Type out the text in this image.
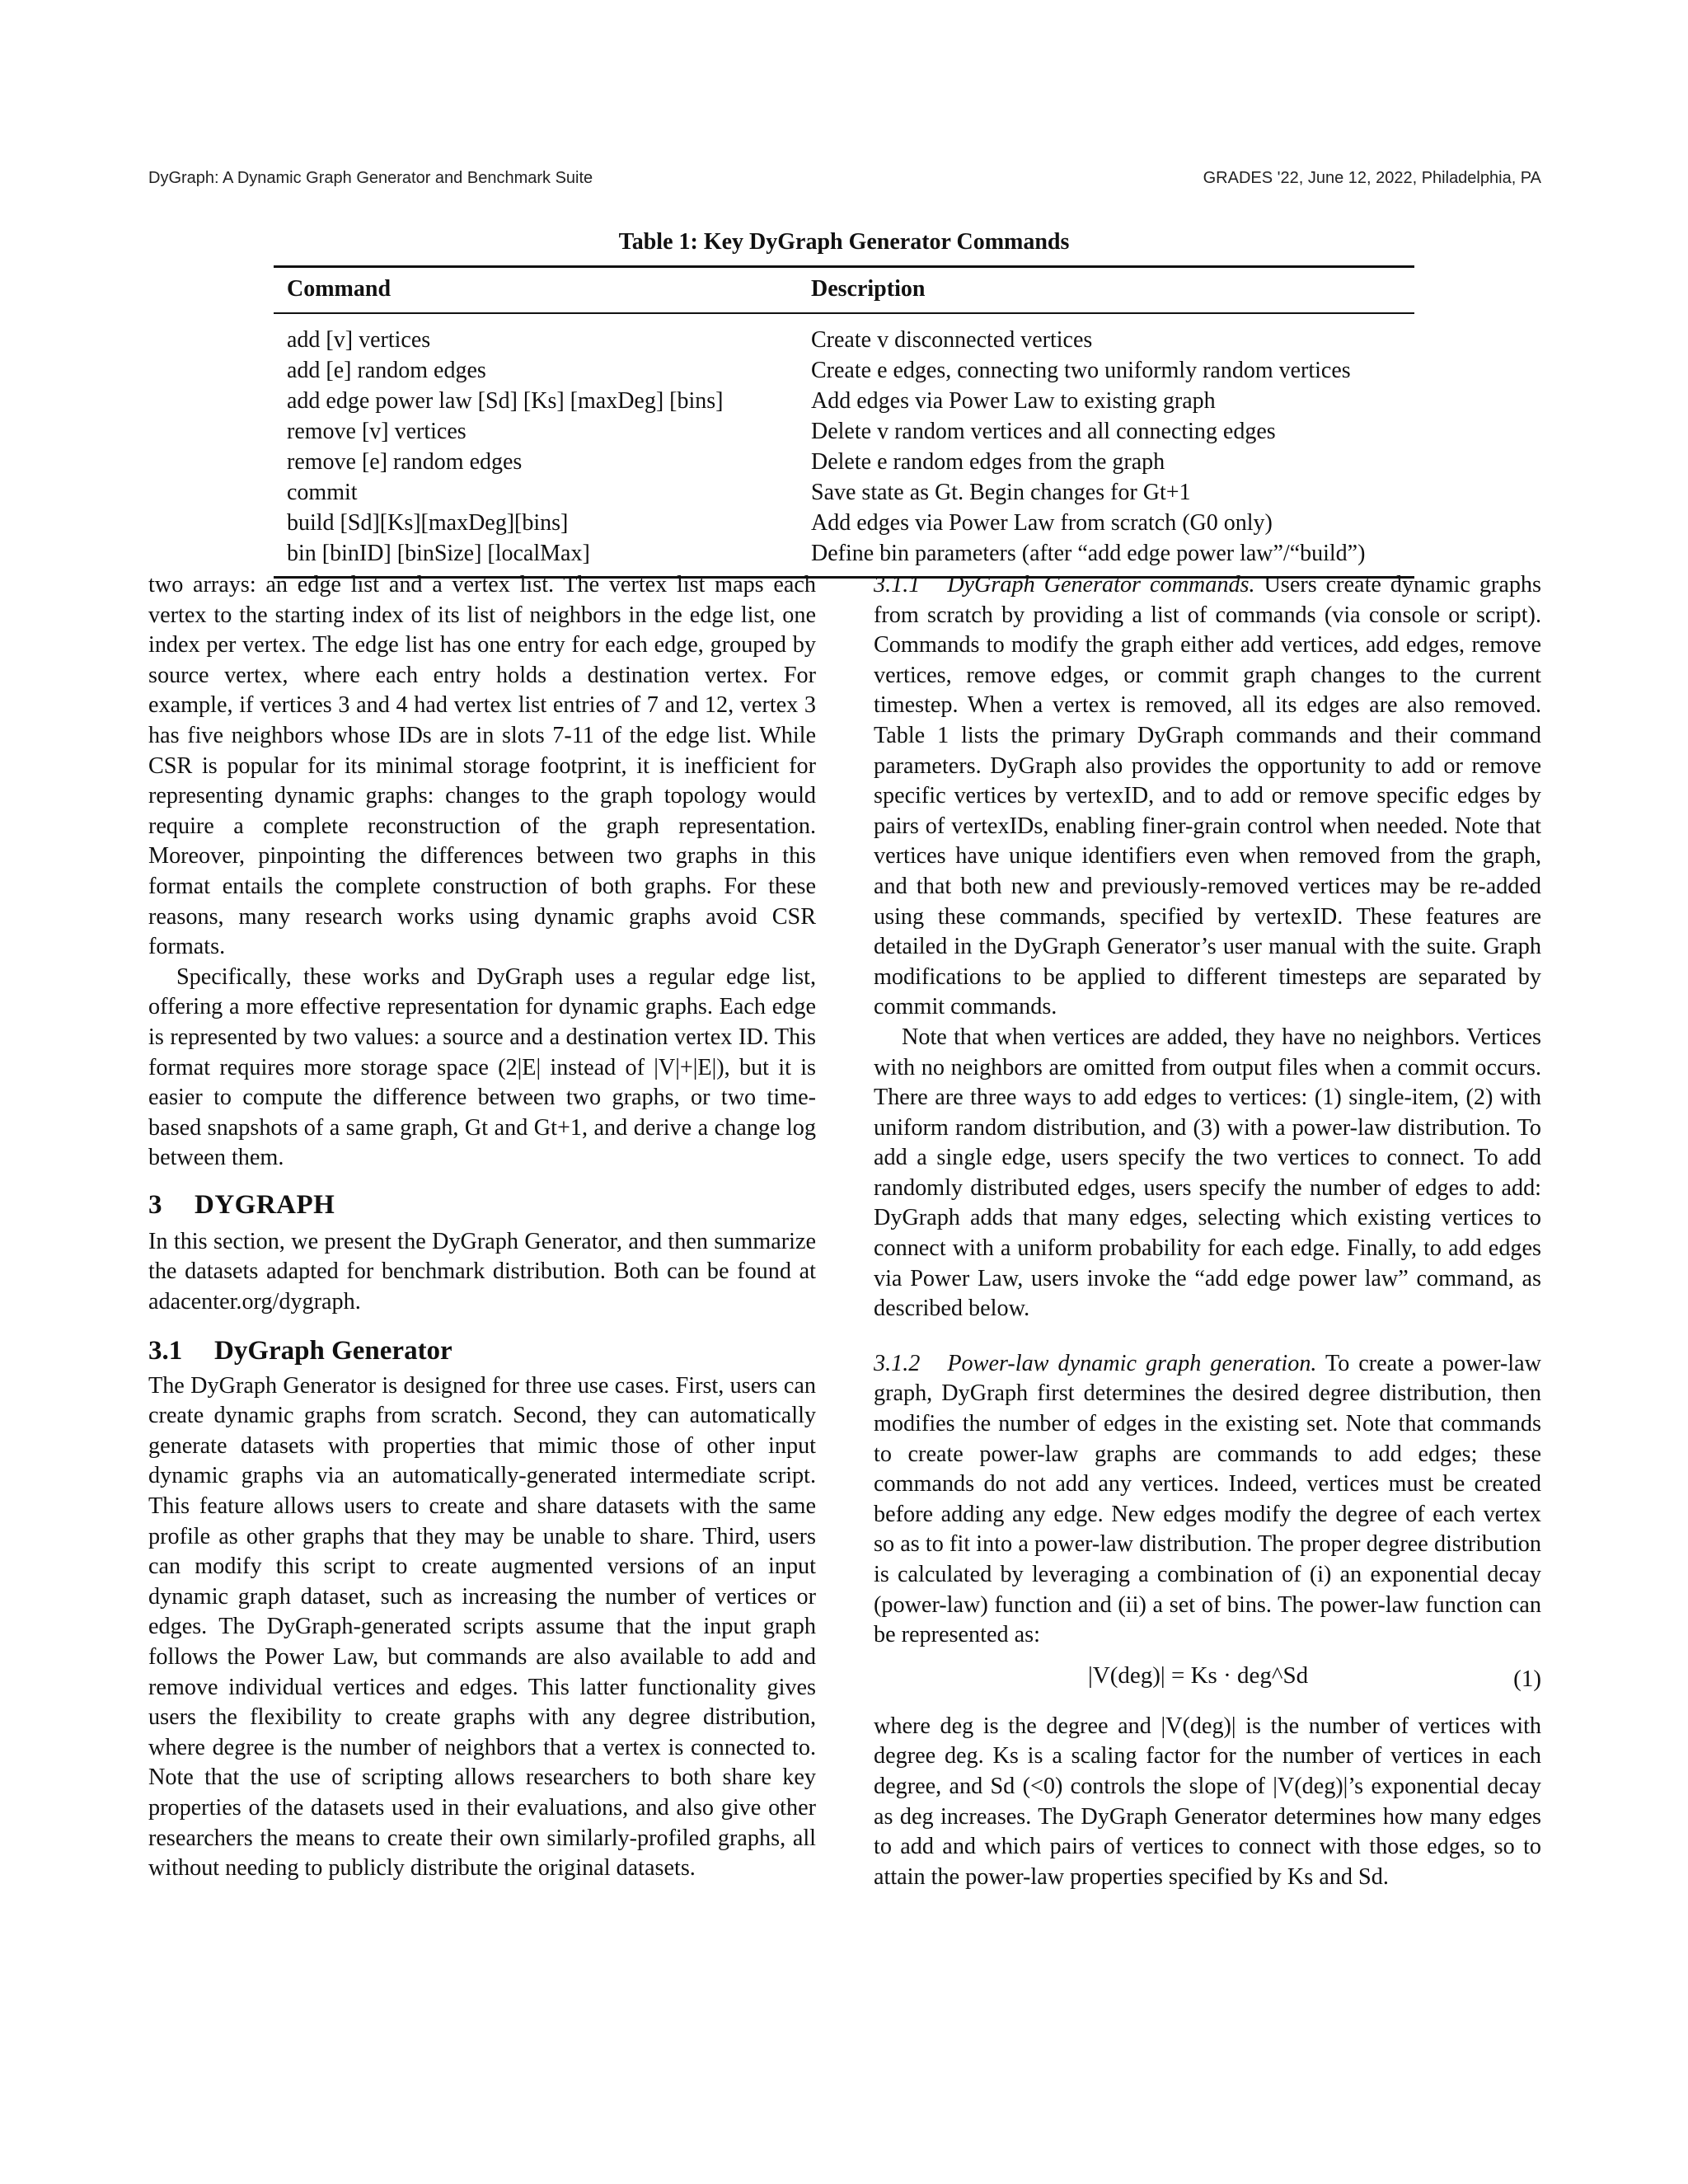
DyGraph: A Dynamic Graph Generator and Benchmark Suite	GRADES '22, June 12, 2022, Philadelphia, PA
Table 1: Key DyGraph Generator Commands
Command	Description
add [v] vertices	Create v disconnected vertices
add [e] random edges	Create e edges, connecting two uniformly random vertices
add edge power law [Sd] [Ks] [maxDeg] [bins]	Add edges via Power Law to existing graph
remove [v] vertices	Delete v random vertices and all connecting edges
remove [e] random edges	Delete e random edges from the graph
commit	Save state as Gt. Begin changes for Gt+1
build [Sd][Ks][maxDeg][bins]	Add edges via Power Law from scratch (G0 only)
bin [binID] [binSize] [localMax]	Define bin parameters (after “add edge power law”/“build”)

two arrays: an edge list and a vertex list. The vertex list maps each vertex to the starting index of its list of neighbors in the edge list, one index per vertex. The edge list has one entry for each edge, grouped by source vertex, where each entry holds a destination vertex. For example, if vertices 3 and 4 had vertex list entries of 7 and 12, vertex 3 has five neighbors whose IDs are in slots 7-11 of the edge list. While CSR is popular for its minimal storage footprint, it is inefficient for representing dynamic graphs: changes to the graph topology would require a complete reconstruction of the graph representation. Moreover, pinpointing the differences between two graphs in this format entails the complete construction of both graphs. For these reasons, many research works using dynamic graphs avoid CSR formats.

Specifically, these works and DyGraph uses a regular edge list, offering a more effective representation for dynamic graphs. Each edge is represented by two values: a source and a destination vertex ID. This format requires more storage space (2|E| instead of |V|+|E|), but it is easier to compute the difference between two graphs, or two time-based snapshots of a same graph, Gt and Gt+1, and derive a change log between them.

3 DYGRAPH

In this section, we present the DyGraph Generator, and then summarize the datasets adapted for benchmark distribution. Both can be found at adacenter.org/dygraph.

3.1 DyGraph Generator

The DyGraph Generator is designed for three use cases. First, users can create dynamic graphs from scratch. Second, they can automatically generate datasets with properties that mimic those of other input dynamic graphs via an automatically-generated intermediate script. This feature allows users to create and share datasets with the same profile as other graphs that they may be unable to share. Third, users can modify this script to create augmented versions of an input dynamic graph dataset, such as increasing the number of vertices or edges. The DyGraph-generated scripts assume that the input graph follows the Power Law, but commands are also available to add and remove individual vertices and edges. This latter functionality gives users the flexibility to create graphs with any degree distribution, where degree is the number of neighbors that a vertex is connected to. Note that the use of scripting allows researchers to both share key properties of the datasets used in their evaluations, and also give other researchers the means to create their own similarly-profiled graphs, all without needing to publicly distribute the original datasets.

3.1.1 DyGraph Generator commands. Users create dynamic graphs from scratch by providing a list of commands (via console or script). Commands to modify the graph either add vertices, add edges, remove vertices, remove edges, or commit graph changes to the current timestep. When a vertex is removed, all its edges are also removed. Table 1 lists the primary DyGraph commands and their command parameters. DyGraph also provides the opportunity to add or remove specific vertices by vertexID, and to add or remove specific edges by pairs of vertexIDs, enabling finer-grain control when needed. Note that vertices have unique identifiers even when removed from the graph, and that both new and previously-removed vertices may be re-added using these commands, specified by vertexID. These features are detailed in the DyGraph Generator’s user manual with the suite. Graph modifications to be applied to different timesteps are separated by commit commands.

Note that when vertices are added, they have no neighbors. Vertices with no neighbors are omitted from output files when a commit occurs. There are three ways to add edges to vertices: (1) single-item, (2) with uniform random distribution, and (3) with a power-law distribution. To add a single edge, users specify the two vertices to connect. To add randomly distributed edges, users specify the number of edges to add: DyGraph adds that many edges, selecting which existing vertices to connect with a uniform probability for each edge. Finally, to add edges via Power Law, users invoke the “add edge power law” command, as described below.

3.1.2 Power-law dynamic graph generation. To create a power-law graph, DyGraph first determines the desired degree distribution, then modifies the number of edges in the existing set. Note that commands to create power-law graphs are commands to add edges; these commands do not add any vertices. Indeed, vertices must be created before adding any edge. New edges modify the degree of each vertex so as to fit into a power-law distribution. The proper degree distribution is calculated by leveraging a combination of (i) an exponential decay (power-law) function and (ii) a set of bins. The power-law function can be represented as:

|V(deg)| = Ks · deg^Sd	(1)

where deg is the degree and |V(deg)| is the number of vertices with degree deg. Ks is a scaling factor for the number of vertices in each degree, and Sd (<0) controls the slope of |V(deg)|’s exponential decay as deg increases. The DyGraph Generator determines how many edges to add and which pairs of vertices to connect with those edges, so to attain the power-law properties specified by Ks and Sd.
